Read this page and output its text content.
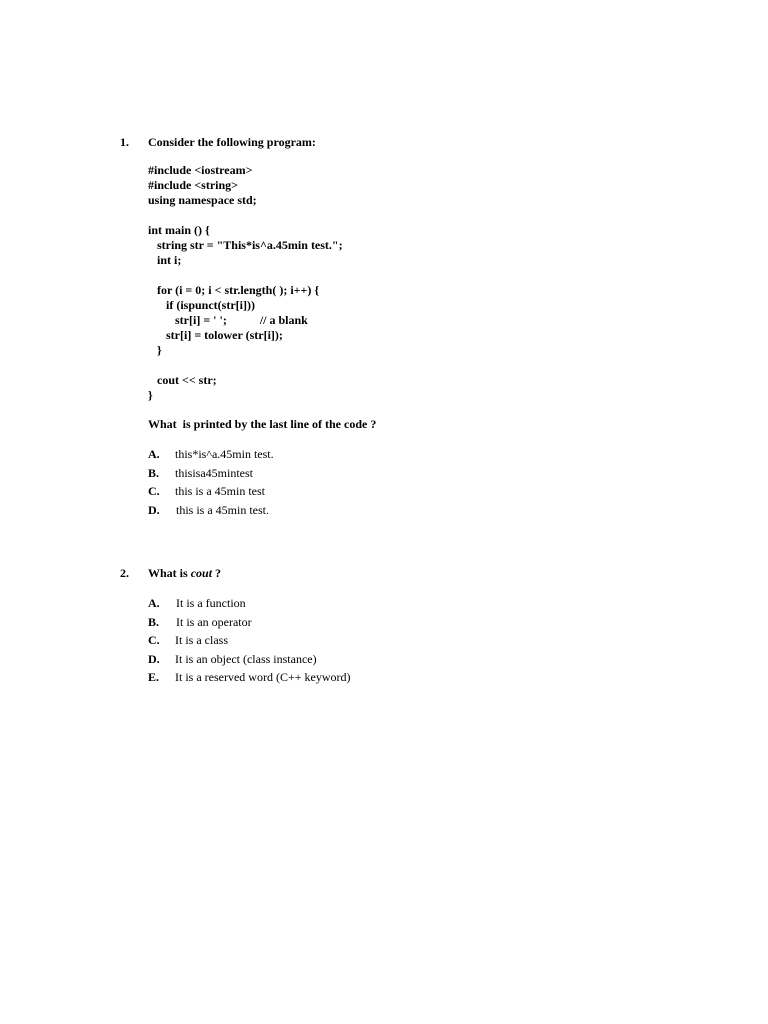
1. Consider the following program:
#include <iostream>
#include <string>
using namespace std;
int main () {
string str = "This*is^a.45min test.";
int i;
for (i = 0; i < str.length( ); i++) {
if (ispunct(str[i]))
str[i] = ' ';           // a blank
str[i] = tolower (str[i]);
}
cout << str;
}
What  is printed by the last line of the code ?
A. this*is^a.45min test.
B. thisisa45mintest
C. this is a 45min test
D. this is a 45min test.
2. What is cout ?
A. It is a function
B. It is an operator
C. It is a class
D. It is an object (class instance)
E. It is a reserved word (C++ keyword)
